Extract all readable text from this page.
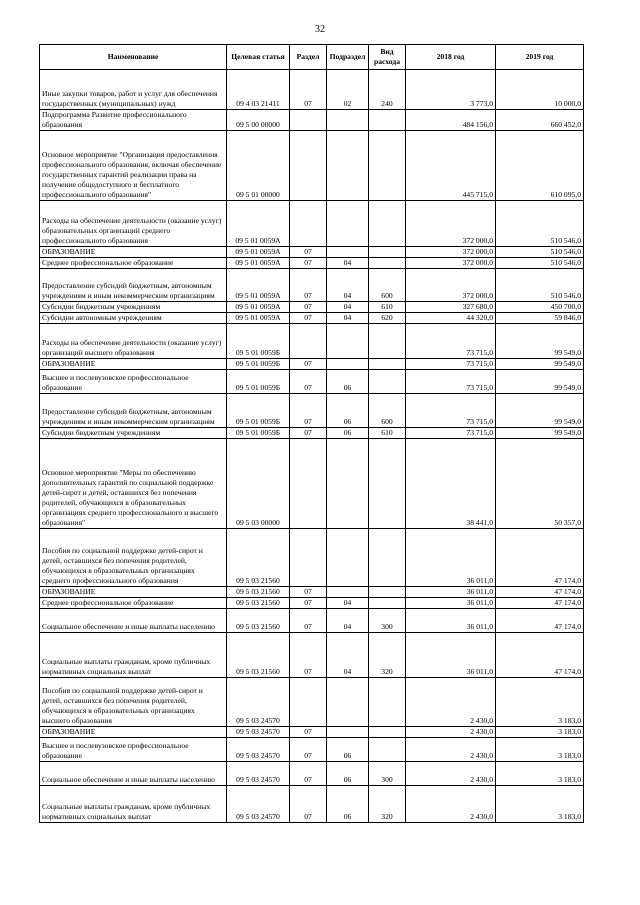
32
Наименование	Целевая статья	Раздел	Подраздел	Вид расхода	2018 год	2019 год
Иные закупки товаров, работ и услуг для обеспечения государственных (муниципальных) нужд	09 4 03 21411	07	02	240	3 773,0	10 000,0
Подпрограмма Развитие профессионального образования	09 5 00 00000				484 156,0	660 452,0
Основное мероприятие "Организация предоставления профессионального образования, включая обеспечение государственных гарантий реализации права на получение общедоступного и бесплатного профессионального образования"	09 5 01 00000				445 715,0	610 095,0
Расходы на обеспечение деятельности (оказание услуг) образовательных организаций среднего профессионального образования	09 5 01 0059А				372 000,0	510 546,0
ОБРАЗОВАНИЕ	09 5 01 0059А	07			372 000,0	510 546,0
Среднее профессиональное образование	09 5 01 0059А	07	04		372 000,0	510 546,0
Предоставление субсидий бюджетным, автономным учреждениям и иным некоммерческим организациям	09 5 01 0059А	07	04	600	372 000,0	510 546,0
Субсидии бюджетным учреждениям	09 5 01 0059А	07	04	610	327 680,0	450 700,0
Субсидии автономным учреждениям	09 5 01 0059А	07	04	620	44 320,0	59 846,0
Расходы на обеспечение деятельности (оказание услуг) организаций высшего образования	09 5 01 0059Б				73 715,0	99 549,0
ОБРАЗОВАНИЕ	09 5 01 0059Б	07			73 715,0	99 549,0
Высшее и послевузовское профессиональное образование	09 5 01 0059Б	07	06		73 715,0	99 549,0
Предоставление субсидий бюджетным, автономным учреждениям и иным некоммерческим организациям	09 5 01 0059Б	07	06	600	73 715,0	99 549,0
Субсидии бюджетным учреждениям	09 5 01 0059Б	07	06	610	73 715,0	99 549,0
Основное мероприятие "Меры по обеспечению дополнительных гарантий по социальной поддержке детей-сирот и детей, оставшихся без попечения родителей, обучающихся в образовательных организациях среднего профессионального и высшего образования"	09 5 03 00000				38 441,0	50 357,0
Пособия по социальной поддержке детей-сирот и детей, оставшихся без попечения родителей, обучающихся в образовательных организациях среднего профессионального образования	09 5 03 21560				36 011,0	47 174,0
ОБРАЗОВАНИЕ	09 5 03 21560	07			36 011,0	47 174,0
Среднее профессиональное образование	09 5 03 21560	07	04		36 011,0	47 174,0
Социальное обеспечение и иные выплаты населению	09 5 03 21560	07	04	300	36 011,0	47 174,0
Социальные выплаты гражданам, кроме публичных нормативных социальных выплат	09 5 03 21560	07	04	320	36 011,0	47 174,0
Пособия по социальной поддержке детей-сирот и детей, оставшихся без попечения родителей, обучающихся в образовательных организациях высшего образования	09 5 03 24570				2 430,0	3 183,0
ОБРАЗОВАНИЕ	09 5 03 24570	07			2 430,0	3 183,0
Высшее и послевузовское профессиональное образование	09 5 03 24570	07	06		2 430,0	3 183,0
Социальное обеспечение и иные выплаты населению	09 5 03 24570	07	06	300	2 430,0	3 183,0
Социальные выплаты гражданам, кроме публичных нормативных социальных выплат	09 5 03 24570	07	06	320	2 430,0	3 183,0
